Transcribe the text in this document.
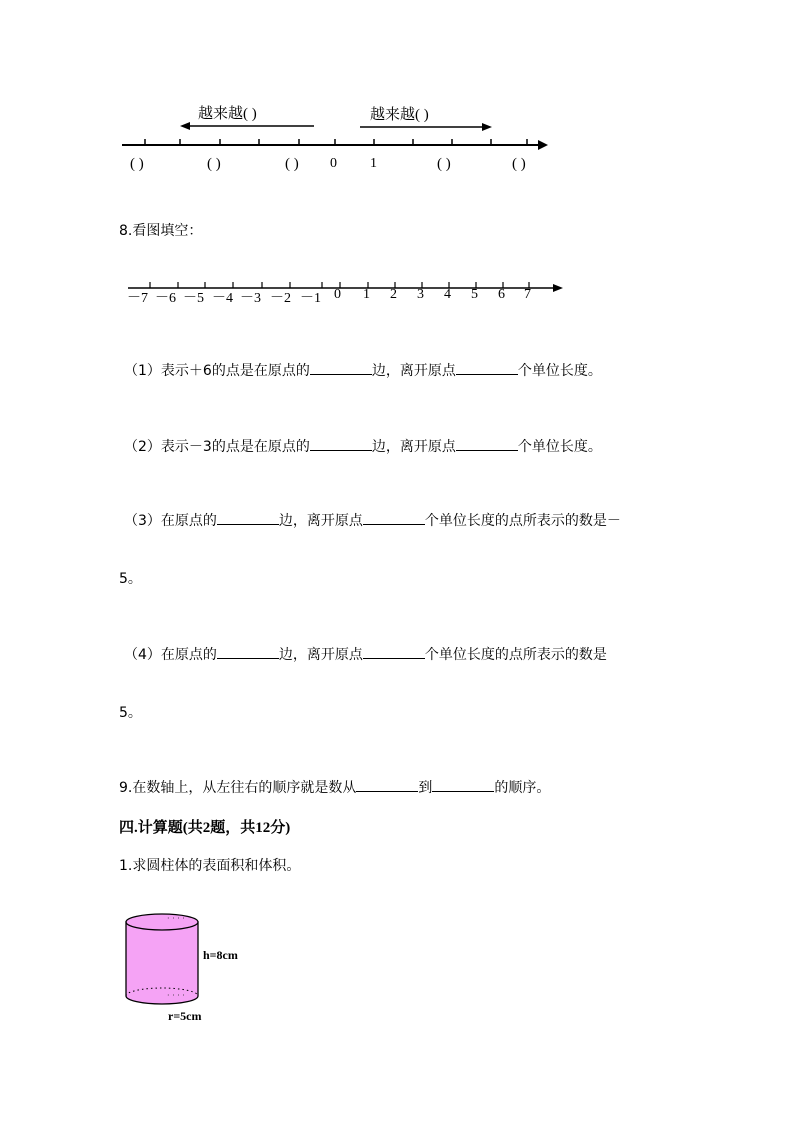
越来越( )	越来越( )
( )	( )	( ) 0 1	( )	( )
8.看图填空：
－7 －6 －5 －4 －3 －2 －1 0 1 2 3 4 5 6 7
（1）表示＋6的点是在原点的	边，离开原点	个单位长度。
（2）表示－3的点是在原点的	边，离开原点	个单位长度。
（3）在原点的	边，离开原点	个单位长度的点所表示的数是－
5。
（4）在原点的	边，离开原点	个单位长度的点所表示的数是
5。
9.在数轴上，从左往右的顺序就是数从	到	的顺序。
四.计算题(共2题，共12分)
1.求圆柱体的表面积和体积。
· · · ·
· · · ·
h=8cm
r=5cm
